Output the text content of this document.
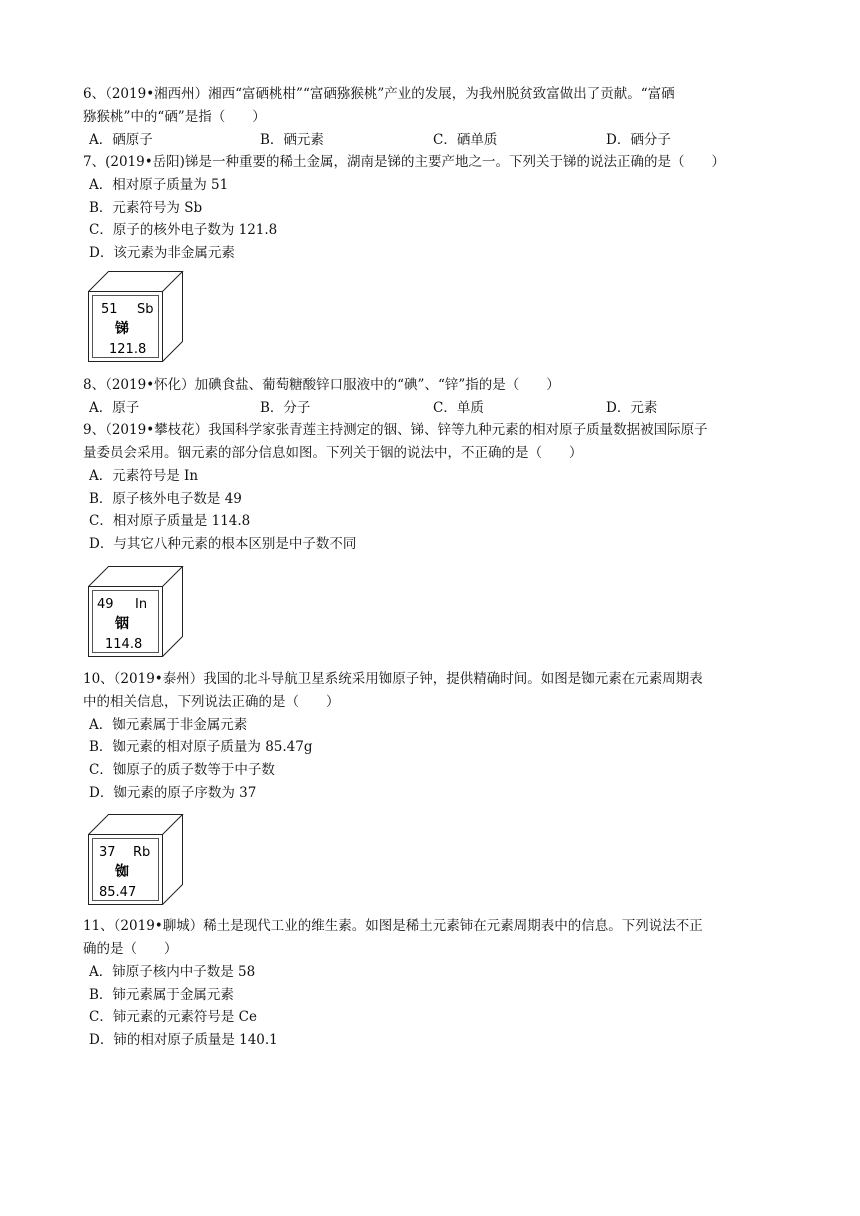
6、（2019•湘西州）湘西“富硒桃柑”“富硒猕猴桃”产业的发展，为我州脱贫致富做出了贡献。“富硒
猕猴桃”中的“硒”是指（　　）
A．硒原子	B．硒元素	C．硒单质	D．硒分子
7、(2019•岳阳)锑是一种重要的稀土金属，湖南是锑的主要产地之一。下列关于锑的说法正确的是（　　）
A．相对原子质量为 51
B．元素符号为 Sb
C．原子的核外电子数为 121.8
D．该元素为非金属元素
51 Sb
锑
121.8
8、（2019•怀化）加碘食盐、葡萄糖酸锌口服液中的“碘”、“锌”指的是（　　）
A．原子	B．分子	C．单质	D．元素
9、（2019•攀枝花）我国科学家张青莲主持测定的铟、锑、锌等九种元素的相对原子质量数据被国际原子
量委员会采用。铟元素的部分信息如图。下列关于铟的说法中，不正确的是（　　）
A．元素符号是 In
B．原子核外电子数是 49
C．相对原子质量是 114.8
D．与其它八种元素的根本区别是中子数不同
49 In
铟
114.8
10、（2019•泰州）我国的北斗导航卫星系统采用铷原子钟，提供精确时间。如图是铷元素在元素周期表
中的相关信息，下列说法正确的是（　　）
A．铷元素属于非金属元素
B．铷元素的相对原子质量为 85.47g
C．铷原子的质子数等于中子数
D．铷元素的原子序数为 37
37 Rb
铷
85.47
11、（2019•聊城）稀土是现代工业的维生素。如图是稀土元素铈在元素周期表中的信息。下列说法不正
确的是（　　）
A．铈原子核内中子数是 58
B．铈元素属于金属元素
C．铈元素的元素符号是 Ce
D．铈的相对原子质量是 140.1
